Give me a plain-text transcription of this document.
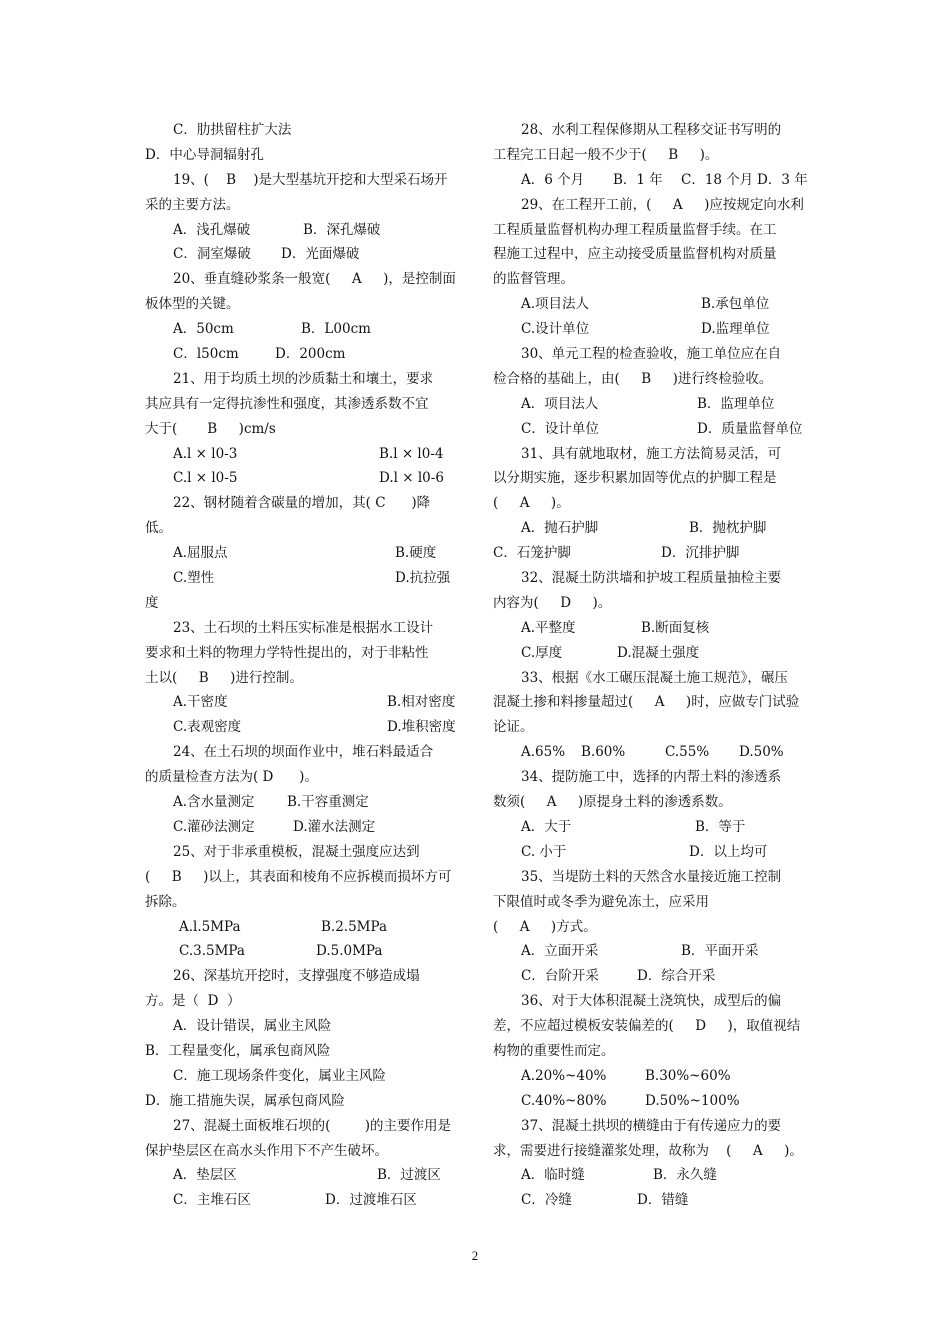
C．肋拱留柱扩大法
D．中心导洞辐射孔
19、(    B    )是大型基坑开挖和大型采石场开
采的主要方法。
A．浅孔爆破	B．深孔爆破
C．洞室爆破 D．光面爆破
20、垂直缝砂浆条一般宽(     A     )，是控制面
板体型的关键。
A．50cm	B．L00cm
C．l50cm	D．200cm
21、用于均质土坝的沙质黏土和壤土，要求
其应具有一定得抗渗性和强度，其渗透系数不宜
大于(       B     )cm/s
A.l × l0-3	B.l × l0-4
C.l × l0-5	D.l × l0-6
22、钢材随着含碳量的增加，其( C      )降
低。
A.屈服点	B.硬度
C.塑性	D.抗拉强
度
23、土石坝的土料压实标准是根据水工设计
要求和土料的物理力学特性提出的，对于非粘性
土以(     B     )进行控制。
A.干密度	B.相对密度
C.表观密度	D.堆积密度
24、在土石坝的坝面作业中，堆石料最适合
的质量检查方法为( D      )。
A.含水量测定 B.干容重测定
C.灌砂法测定	D.灌水法测定
25、对于非承重模板，混凝土强度应达到
(     B     )以上，其表面和棱角不应拆模而损坏方可
拆除。
A.l.5MPa	B.2.5MPa
C.3.5MPa	D.5.0MPa
26、深基坑开挖时，支撑强度不够造成塌
方。是（  D  ）
A．设计错误，属业主风险
B．工程量变化，属承包商风险
C．施工现场条件变化，属业主风险
D．施工措施失误，属承包商风险
27、混凝土面板堆石坝的(        )的主要作用是
保护垫层区在高水头作用下不产生破坏。
A．垫层区	B．过渡区
C．主堆石区	D．过渡堆石区
28、水利工程保修期从工程移交证书写明的
工程完工日起一般不少于(     B     )。
A．6 个月 B．1 年 C．18 个月 D．3 年
29、在工程开工前，(     A     )应按规定向水利
工程质量监督机构办理工程质量监督手续。在工
程施工过程中，应主动接受质量监督机构对质量
的监督管理。
A.项目法人	B.承包单位
C.设计单位	D.监理单位
30、单元工程的检查验收，施工单位应在自
检合格的基础上，由(     B     )进行终检验收。
A．项目法人	B．监理单位
C．设计单位	D．质量监督单位
31、具有就地取材，施工方法简易灵活，可
以分期实施，逐步积累加固等优点的护脚工程是
(     A     )。
A．抛石护脚	B．抛枕护脚
C．石笼护脚	D．沉排护脚
32、混凝土防洪墙和护坡工程质量抽检主要
内容为(     D     )。
A.平整度	B.断面复核
C.厚度	D.混凝土强度
33、根据《水工碾压混凝土施工规范》，碾压
混凝土掺和料掺量超过(     A     )时，应做专门试验
论证。
A.65% B.60%	C.55% D.50%
34、提防施工中，选择的内帮土料的渗透系
数须(     A     )原提身土料的渗透系数。
A．大于	B．等于
C. 小于	D．以上均可
35、当堤防土料的天然含水量接近施工控制
下限值时或冬季为避免冻土，应采用
(     A     )方式。
A．立面开采	B．平面开采
C．台阶开采	D．综合开采
36、对于大体积混凝土浇筑快，成型后的偏
差，不应超过模板安装偏差的(     D     )，取值视结
构物的重要性而定。
A.20%~40%	B.30%~60%
C.40%~80%	D.50%~100%
37、混凝土拱坝的横缝由于有传递应力的要
求，需要进行接缝灌浆处理，故称为    (     A     )。
A．临时缝	B．永久缝
C．冷缝	D．错缝
2
